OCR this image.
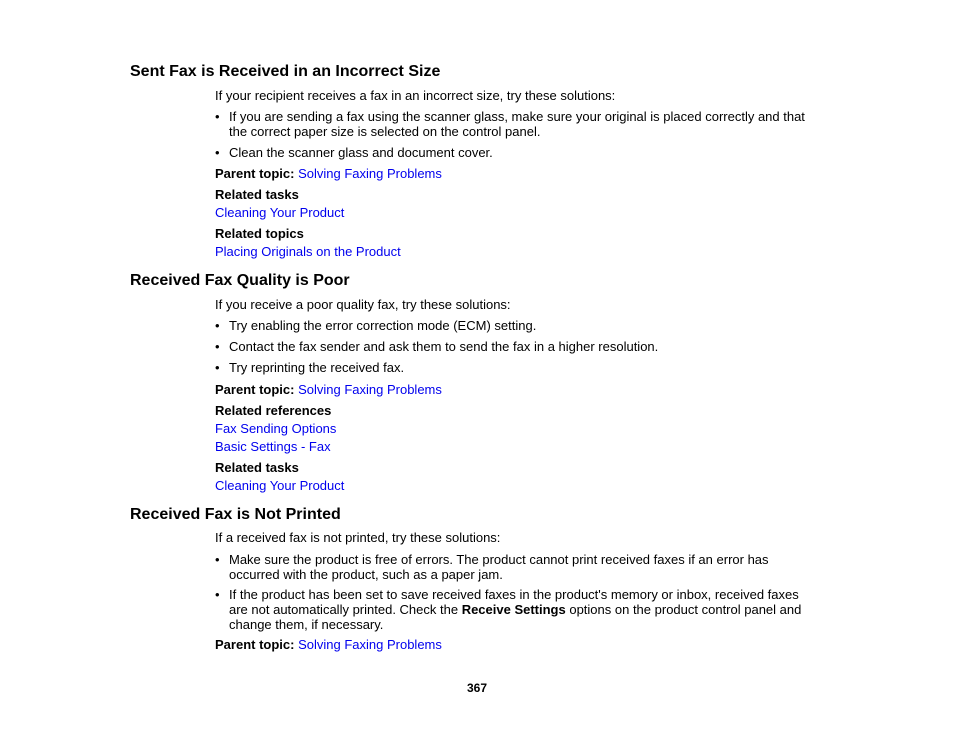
Sent Fax is Received in an Incorrect Size

If your recipient receives a fax in an incorrect size, try these solutions:

• If you are sending a fax using the scanner glass, make sure your original is placed correctly and that the correct paper size is selected on the control panel.

• Clean the scanner glass and document cover.

Parent topic: Solving Faxing Problems

Related tasks

Cleaning Your Product

Related topics

Placing Originals on the Product

Received Fax Quality is Poor

If you receive a poor quality fax, try these solutions:

• Try enabling the error correction mode (ECM) setting.

• Contact the fax sender and ask them to send the fax in a higher resolution.

• Try reprinting the received fax.

Parent topic: Solving Faxing Problems

Related references

Fax Sending Options

Basic Settings - Fax

Related tasks

Cleaning Your Product

Received Fax is Not Printed

If a received fax is not printed, try these solutions:

• Make sure the product is free of errors. The product cannot print received faxes if an error has occurred with the product, such as a paper jam.

• If the product has been set to save received faxes in the product's memory or inbox, received faxes are not automatically printed. Check the Receive Settings options on the product control panel and change them, if necessary.

Parent topic: Solving Faxing Problems

367
